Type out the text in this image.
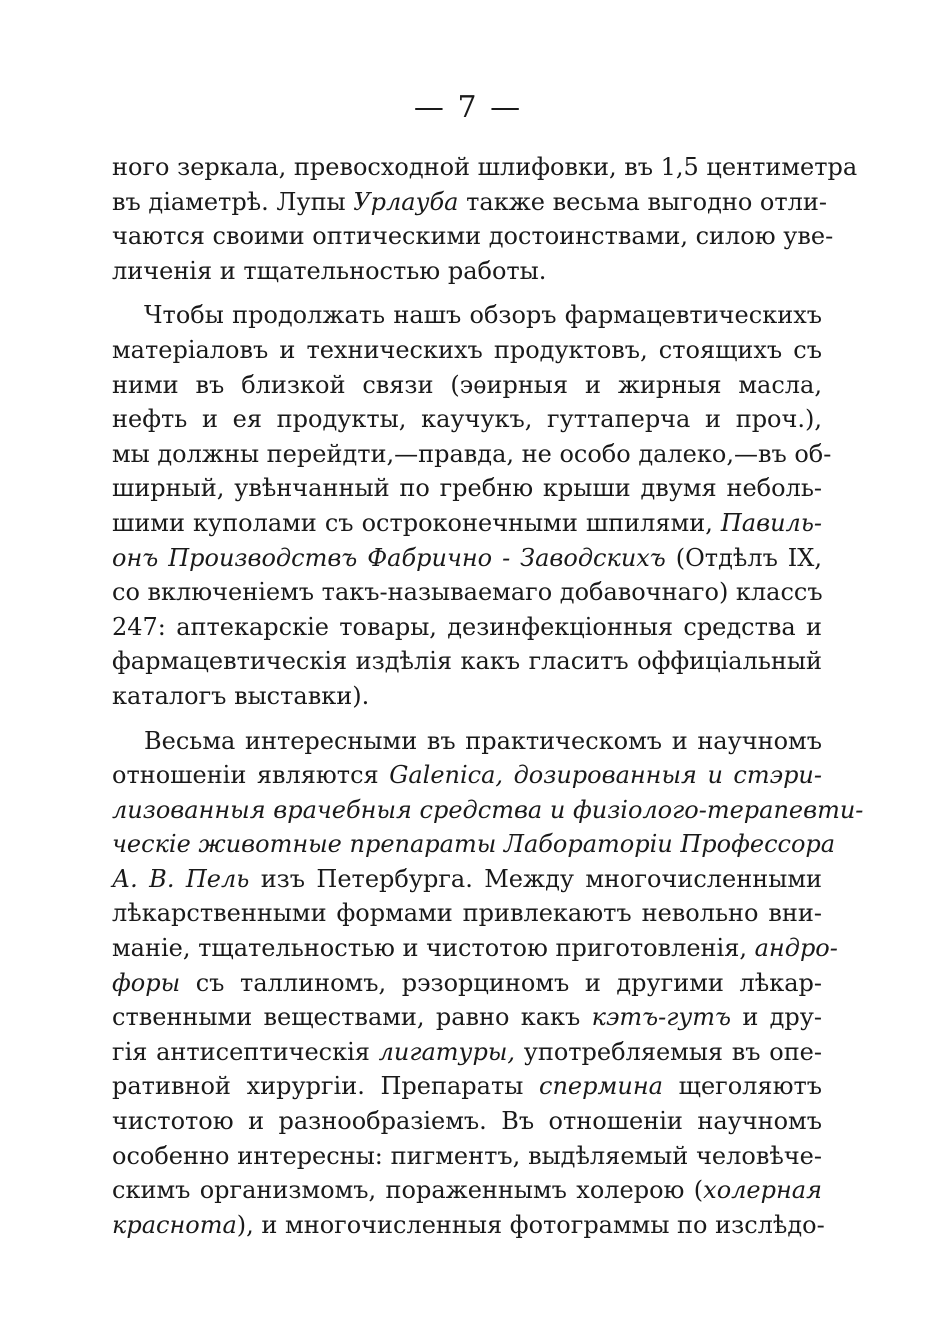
— 7 —
ного зеркала, превосходной шлифовки, въ 1,5 центиметра
въ діаметрѣ. Лупы Урлауба также весьма выгодно отли-
чаются своими оптическими достоинствами, силою уве-
личенія и тщательностью работы.
Чтобы продолжать нашъ обзоръ фармацевтическихъ
матеріаловъ и техническихъ продуктовъ, стоящихъ съ
ними въ близкой связи (эѳирныя и жирныя масла,
нефть и ея продукты, каучукъ, гуттаперча и проч.),
мы должны перейдти,—правда, не особо далеко,—въ об-
ширный, увѣнчанный по гребню крыши двумя неболь-
шими куполами съ остроконечными шпилями, Павиль-
онъ Производствъ Фабрично - Заводскихъ (Отдѣлъ IX,
со включеніемъ такъ-называемаго добавочнаго) классъ
247: аптекарскіе товары, дезинфекціонныя средства и
фармацевтическія издѣлія какъ гласитъ оффиціальный
каталогъ выставки).
Весьма интересными въ практическомъ и научномъ
отношеніи являются Galenica, дозированныя и стэри-
лизованныя врачебныя средства и физіолого-терапевти-
ческіе животные препараты Лабораторіи Профессора
А. В. Пель изъ Петербурга. Между многочисленными
лѣкарственными формами привлекаютъ невольно вни-
маніе, тщательностью и чистотою приготовленія, андро-
форы съ таллиномъ, рэзорциномъ и другими лѣкар-
ственными веществами, равно какъ кэтъ-гутъ и дру-
гія антисептическія лигатуры, употребляемыя въ опе-
ративной хирургіи. Препараты спермина щеголяютъ
чистотою и разнообразіемъ. Въ отношеніи научномъ
особенно интересны: пигментъ, выдѣляемый человѣче-
скимъ организмомъ, пораженнымъ холерою (холерная
краснота), и многочисленныя фотограммы по изслѣдо-
